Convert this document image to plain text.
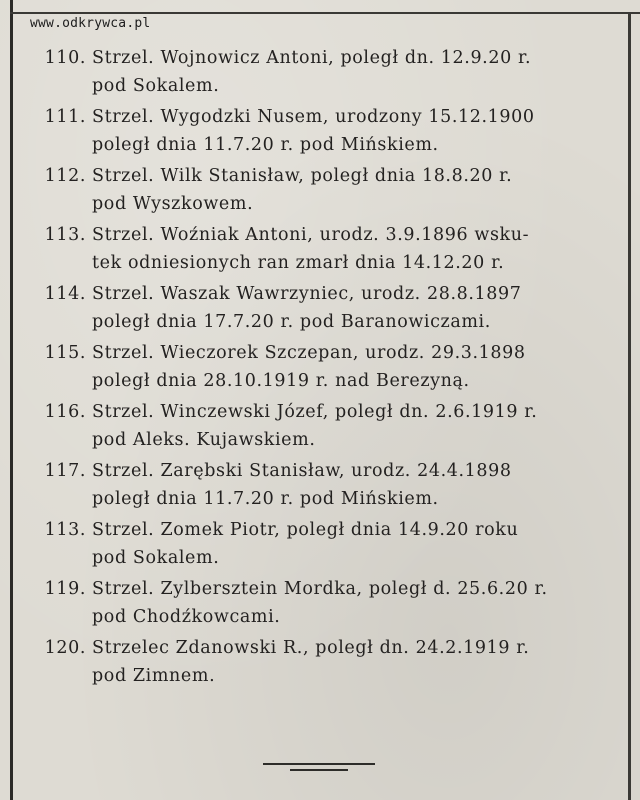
www.odkrywca.pl
110. Strzel. Wojnowicz Antoni, poległ dn. 12.9.20 r.
pod Sokalem.
111. Strzel. Wygodzki Nusem, urodzony 15.12.1900
poległ dnia 11.7.20 r. pod Mińskiem.
112. Strzel. Wilk Stanisław, poległ dnia 18.8.20 r.
pod Wyszkowem.
113. Strzel. Woźniak Antoni, urodz. 3.9.1896 wsku-
tek odniesionych ran zmarł dnia 14.12.20 r.
114. Strzel. Waszak Wawrzyniec, urodz. 28.8.1897
poległ dnia 17.7.20 r. pod Baranowiczami.
115. Strzel. Wieczorek Szczepan, urodz. 29.3.1898
poległ dnia 28.10.1919 r. nad Berezyną.
116. Strzel. Winczewski Józef, poległ dn. 2.6.1919 r.
pod Aleks. Kujawskiem.
117. Strzel. Zarębski Stanisław, urodz. 24.4.1898
poległ dnia 11.7.20 r. pod Mińskiem.
113. Strzel. Zomek Piotr, poległ dnia 14.9.20 roku
pod Sokalem.
119. Strzel. Zylbersztein Mordka, poległ d. 25.6.20 r.
pod Chodźkowcami.
120. Strzelec Zdanowski R., poległ dn. 24.2.1919 r.
pod Zimnem.
